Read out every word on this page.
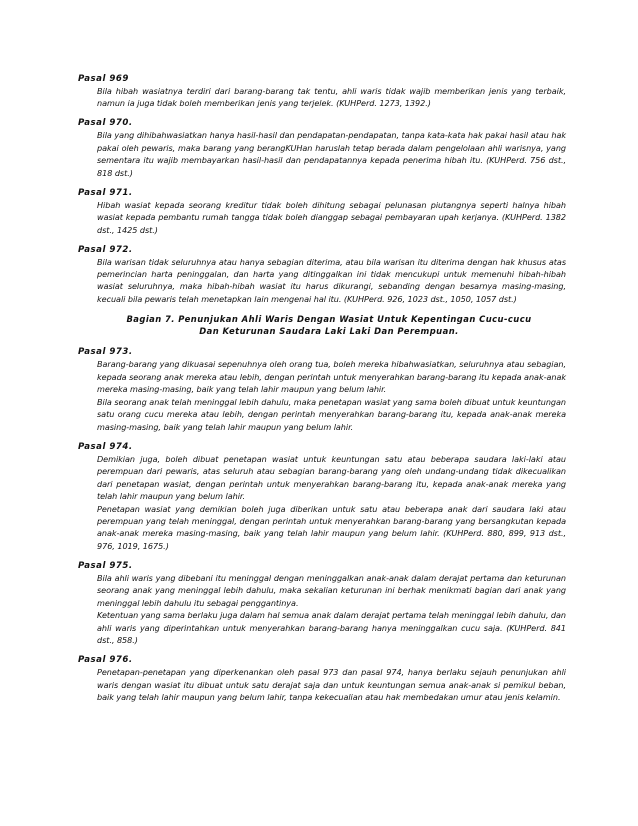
Pasal 969
Bila hibah wasiatnya terdiri dari barang-barang tak tentu, ahli waris tidak wajib memberikan jenis yang terbaik, namun ia juga tidak boleh memberikan jenis yang terjelek. (KUHPerd. 1273, 1392.)
Pasal 970.
Bila yang dihibahwasiatkan hanya hasil-hasil dan pendapatan-pendapatan, tanpa kata-kata hak pakai hasil atau hak pakai oleh pewaris, maka barang yang berangKUHan haruslah tetap berada dalam pengelolaan ahli warisnya, yang sementara itu wajib membayarkan hasil-hasil dan pendapatannya kepada penerima hibah itu. (KUHPerd. 756 dst., 818 dst.)
Pasal 971.
Hibah wasiat kepada seorang kreditur tidak boleh dihitung sebagai pelunasan piutangnya seperti halnya hibah wasiat kepada pembantu rumah tangga tidak boleh dianggap sebagai pembayaran upah kerjanya. (KUHPerd. 1382 dst., 1425 dst.)
Pasal 972.
Bila warisan tidak seluruhnya atau hanya sebagian diterima, atau bila warisan itu diterima dengan hak khusus atas pemerincian harta peninggalan, dan harta yang ditinggalkan ini tidak mencukupi untuk memenuhi hibah-hibah wasiat seluruhnya, maka hibah-hibah wasiat itu harus dikurangi, sebanding dengan besarnya masing-masing, kecuali bila pewaris telah menetapkan lain mengenai hal itu. (KUHPerd. 926, 1023 dst., 1050, 1057 dst.)
Bagian 7. Penunjukan Ahli Waris Dengan Wasiat Untuk Kepentingan Cucu-cucu
Dan Keturunan Saudara Laki Laki Dan Perempuan.
Pasal 973.
Barang-barang yang dikuasai sepenuhnya oleh orang tua, boleh mereka hibahwasiatkan, seluruhnya atau sebagian, kepada seorang anak mereka atau lebih, dengan perintah untuk menyerahkan barang-barang itu kepada anak-anak mereka masing-masing, baik yang telah lahir maupun yang belum lahir.
Bila seorang anak telah meninggal lebih dahulu, maka penetapan wasiat yang sama boleh dibuat untuk keuntungan satu orang cucu mereka atau lebih, dengan perintah menyerahkan barang-barang itu, kepada anak-anak mereka masing-masing, baik yang telah lahir maupun yang belum lahir.
Pasal 974.
Demikian juga, boleh dibuat penetapan wasiat untuk keuntungan satu atau beberapa saudara laki-laki atau perempuan dari pewaris, atas seluruh atau sebagian barang-barang yang oleh undang-undang tidak dikecualikan dari penetapan wasiat, dengan perintah untuk menyerahkan barang-barang itu, kepada anak-anak mereka yang telah lahir maupun yang belum lahir.
Penetapan wasiat yang demikian boleh juga diberikan untuk satu atau beberapa anak dari saudara laki atau perempuan yang telah meninggal, dengan perintah untuk menyerahkan barang-barang yang bersangkutan kepada anak-anak mereka masing-masing, baik yang telah lahir maupun yang belum lahir. (KUHPerd. 880, 899, 913 dst., 976, 1019, 1675.)
Pasal 975.
Bila ahli waris yang dibebani itu meninggal dengan meninggalkan anak-anak dalam derajat pertama dan keturunan seorang anak yang meninggal lebih dahulu, maka sekalian keturunan ini berhak menikmati bagian dari anak yang meninggal lebih dahulu itu sebagai penggantinya.
Ketentuan yang sama berlaku juga dalam hal semua anak dalam derajat pertama telah meninggal lebih dahulu, dan ahli waris yang diperintahkan untuk menyerahkan barang-barang hanya meninggalkan cucu saja. (KUHPerd. 841 dst., 858.)
Pasal 976.
Penetapan-penetapan yang diperkenankan oleh pasal 973 dan pasal 974, hanya berlaku sejauh penunjukan ahli waris dengan wasiat itu dibuat untuk satu derajat saja dan untuk keuntungan semua anak-anak si pemikul beban, baik yang telah lahir maupun yang belum lahir, tanpa kekecualian atau hak membedakan umur atau jenis kelamin.
